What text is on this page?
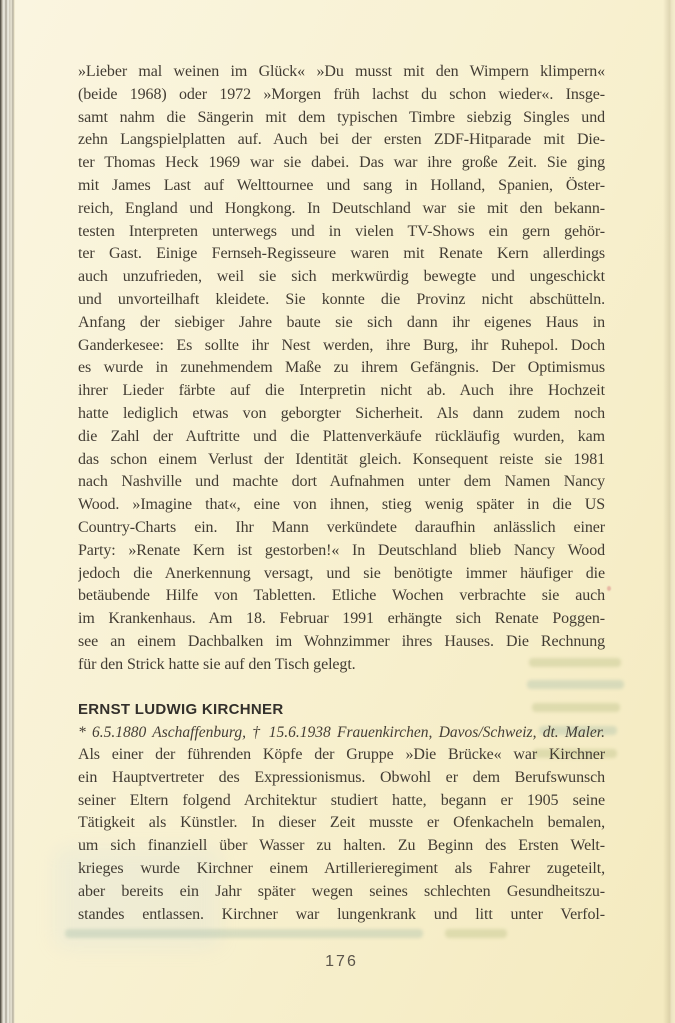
»Lieber mal weinen im Glück« »Du musst mit den Wimpern klimpern«
(beide 1968) oder 1972 »Morgen früh lachst du schon wieder«. Insge-
samt nahm die Sängerin mit dem typischen Timbre siebzig Singles und
zehn Langspielplatten auf. Auch bei der ersten ZDF-Hitparade mit Die-
ter Thomas Heck 1969 war sie dabei. Das war ihre große Zeit. Sie ging
mit James Last auf Welttournee und sang in Holland, Spanien, Öster-
reich, England und Hongkong. In Deutschland war sie mit den bekann-
testen Interpreten unterwegs und in vielen TV-Shows ein gern gehör-
ter Gast. Einige Fernseh-Regisseure waren mit Renate Kern allerdings
auch unzufrieden, weil sie sich merkwürdig bewegte und ungeschickt
und unvorteilhaft kleidete. Sie konnte die Provinz nicht abschütteln.
Anfang der siebiger Jahre baute sie sich dann ihr eigenes Haus in
Ganderkesee: Es sollte ihr Nest werden, ihre Burg, ihr Ruhepol. Doch
es wurde in zunehmendem Maße zu ihrem Gefängnis. Der Optimismus
ihrer Lieder färbte auf die Interpretin nicht ab. Auch ihre Hochzeit
hatte lediglich etwas von geborgter Sicherheit. Als dann zudem noch
die Zahl der Auftritte und die Plattenverkäufe rückläufig wurden, kam
das schon einem Verlust der Identität gleich. Konsequent reiste sie 1981
nach Nashville und machte dort Aufnahmen unter dem Namen Nancy
Wood. »Imagine that«, eine von ihnen, stieg wenig später in die US
Country-Charts ein. Ihr Mann verkündete daraufhin anlässlich einer
Party: »Renate Kern ist gestorben!« In Deutschland blieb Nancy Wood
jedoch die Anerkennung versagt, und sie benötigte immer häufiger die
betäubende Hilfe von Tabletten. Etliche Wochen verbrachte sie auch
im Krankenhaus. Am 18. Februar 1991 erhängte sich Renate Poggen-
see an einem Dachbalken im Wohnzimmer ihres Hauses. Die Rechnung
für den Strick hatte sie auf den Tisch gelegt.
ERNST LUDWIG KIRCHNER
* 6.5.1880 Aschaffenburg, † 15.6.1938 Frauenkirchen, Davos/Schweiz, dt. Maler.
Als einer der führenden Köpfe der Gruppe »Die Brücke« war Kirchner
ein Hauptvertreter des Expressionismus. Obwohl er dem Berufswunsch
seiner Eltern folgend Architektur studiert hatte, begann er 1905 seine
Tätigkeit als Künstler. In dieser Zeit musste er Ofenkacheln bemalen,
um sich finanziell über Wasser zu halten. Zu Beginn des Ersten Welt-
krieges wurde Kirchner einem Artillerieregiment als Fahrer zugeteilt,
aber bereits ein Jahr später wegen seines schlechten Gesundheitszu-
standes entlassen. Kirchner war lungenkrank und litt unter Verfol-
176
